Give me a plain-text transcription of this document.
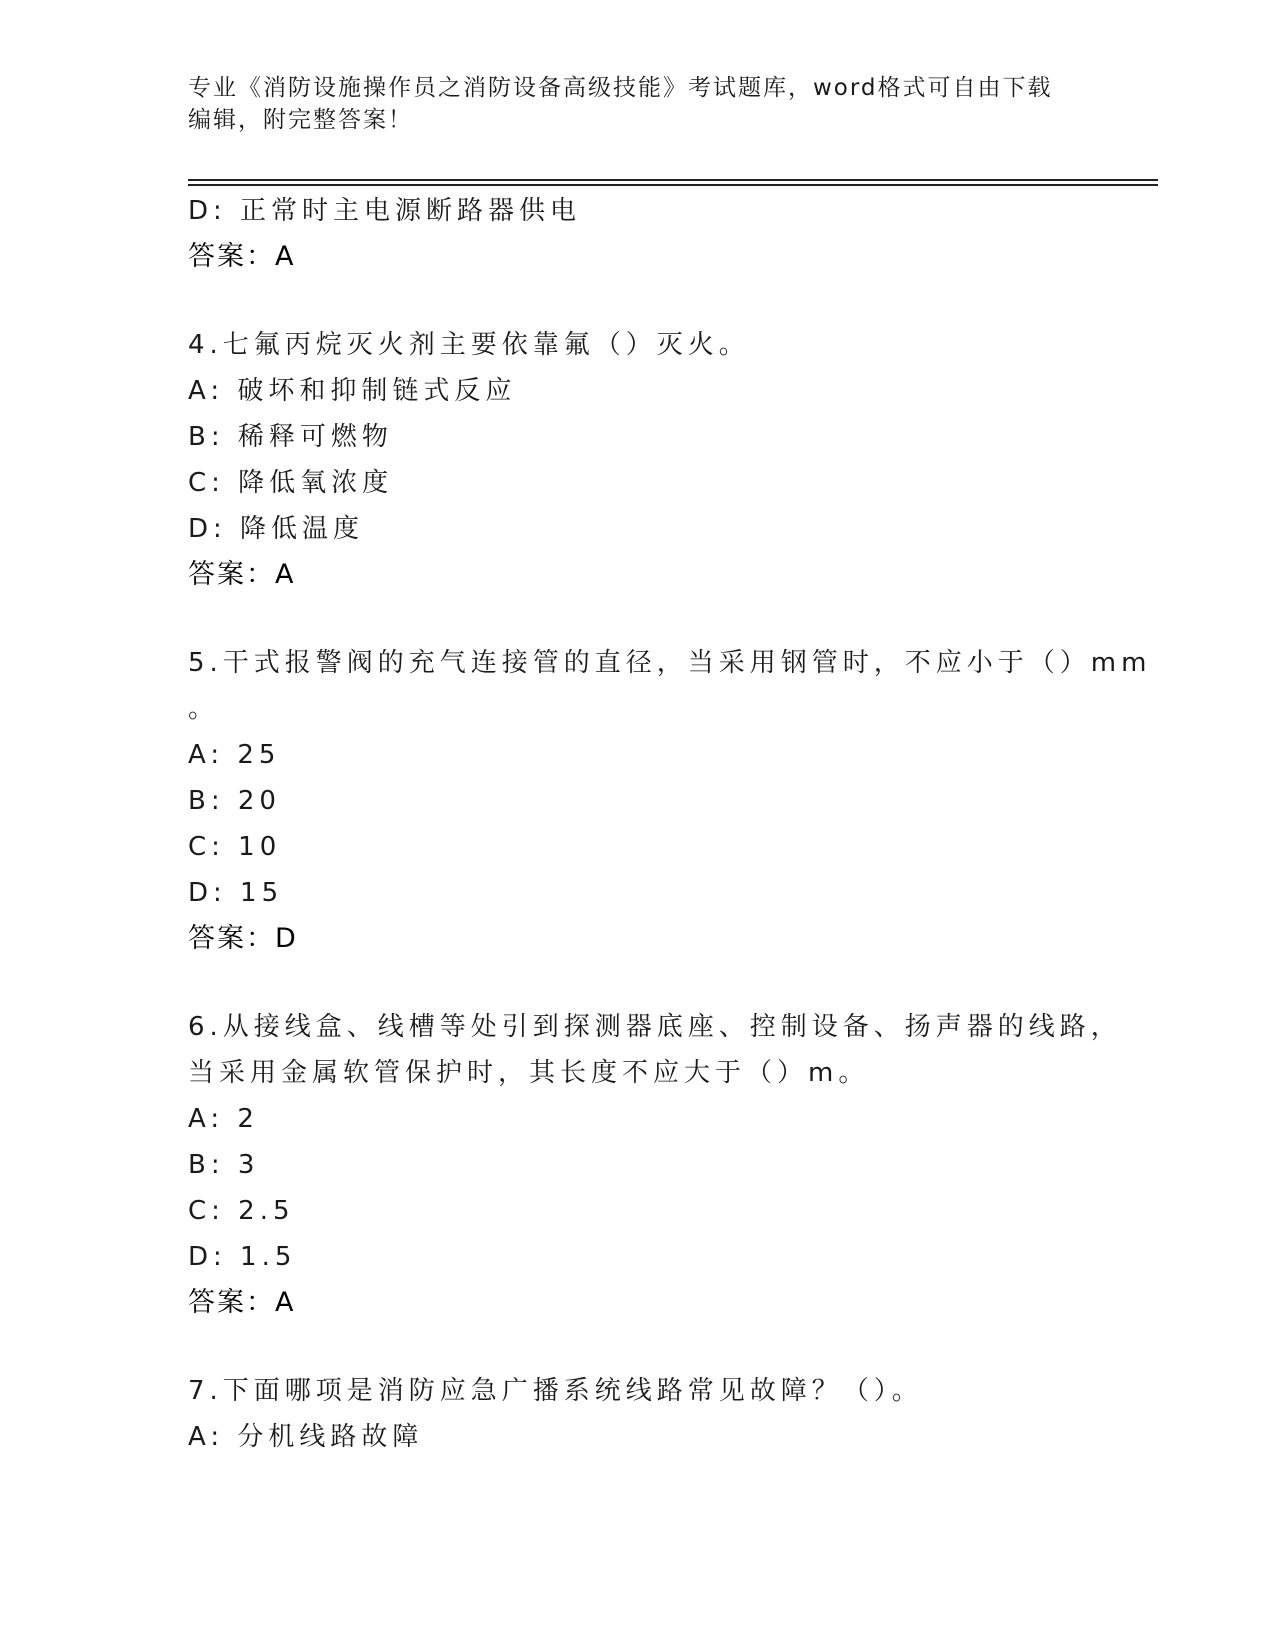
专业《消防设施操作员之消防设备高级技能》考试题库，word格式可自由下载编辑，附完整答案！
D: 正常时主电源断路器供电
答案：A
4.七氟丙烷灭火剂主要依靠氟（）灭火。
A: 破坏和抑制链式反应
B: 稀释可燃物
C: 降低氧浓度
D: 降低温度
答案：A
5.干式报警阀的充气连接管的直径，当采用钢管时，不应小于（）mm
。
A: 25
B: 20
C: 10
D: 15
答案：D
6.从接线盒、线槽等处引到探测器底座、控制设备、扬声器的线路，
当采用金属软管保护时，其长度不应大于（）m。
A: 2
B: 3
C: 2.5
D: 1.5
答案：A
7.下面哪项是消防应急广播系统线路常见故障？（）。
A: 分机线路故障
